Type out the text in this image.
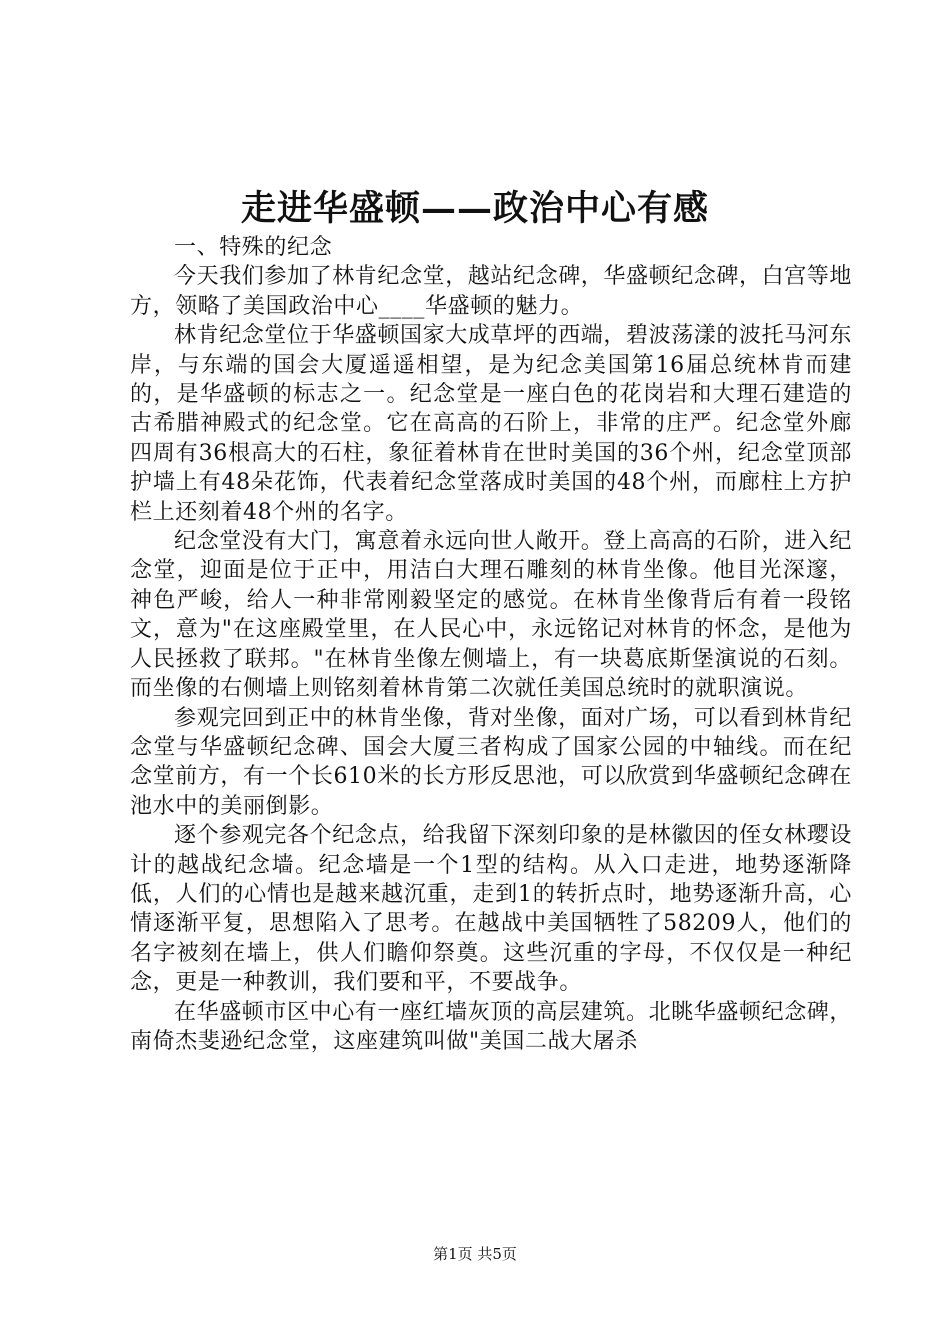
走进华盛顿——政治中心有感

一、特殊的纪念

今天我们参加了林肯纪念堂，越站纪念碑，华盛顿纪念碑，白宫等地方，领略了美国政治中心____华盛顿的魅力。

林肯纪念堂位于华盛顿国家大成草坪的西端，碧波荡漾的波托马河东岸，与东端的国会大厦遥遥相望，是为纪念美国第16届总统林肯而建的，是华盛顿的标志之一。纪念堂是一座白色的花岗岩和大理石建造的古希腊神殿式的纪念堂。它在高高的石阶上，非常的庄严。纪念堂外廊四周有36根高大的石柱，象征着林肯在世时美国的36个州，纪念堂顶部护墙上有48朵花饰，代表着纪念堂落成时美国的48个州，而廊柱上方护栏上还刻着48个州的名字。

纪念堂没有大门，寓意着永远向世人敞开。登上高高的石阶，进入纪念堂，迎面是位于正中，用洁白大理石雕刻的林肯坐像。他目光深邃，神色严峻，给人一种非常刚毅坚定的感觉。在林肯坐像背后有着一段铭文，意为"在这座殿堂里，在人民心中，永远铭记对林肯的怀念，是他为人民拯救了联邦。"在林肯坐像左侧墙上，有一块葛底斯堡演说的石刻。而坐像的右侧墙上则铭刻着林肯第二次就任美国总统时的就职演说。

参观完回到正中的林肯坐像，背对坐像，面对广场，可以看到林肯纪念堂与华盛顿纪念碑、国会大厦三者构成了国家公园的中轴线。而在纪念堂前方，有一个长610米的长方形反思池，可以欣赏到华盛顿纪念碑在池水中的美丽倒影。

逐个参观完各个纪念点，给我留下深刻印象的是林徽因的侄女林璎设计的越战纪念墙。纪念墙是一个1型的结构。从入口走进，地势逐渐降低，人们的心情也是越来越沉重，走到1的转折点时，地势逐渐升高，心情逐渐平复，思想陷入了思考。在越战中美国牺牲了58209人，他们的名字被刻在墙上，供人们瞻仰祭奠。这些沉重的字母，不仅仅是一种纪念，更是一种教训，我们要和平，不要战争。

在华盛顿市区中心有一座红墙灰顶的高层建筑。北眺华盛顿纪念碑，南倚杰斐逊纪念堂，这座建筑叫做"美国二战大屠杀

第1页 共5页
